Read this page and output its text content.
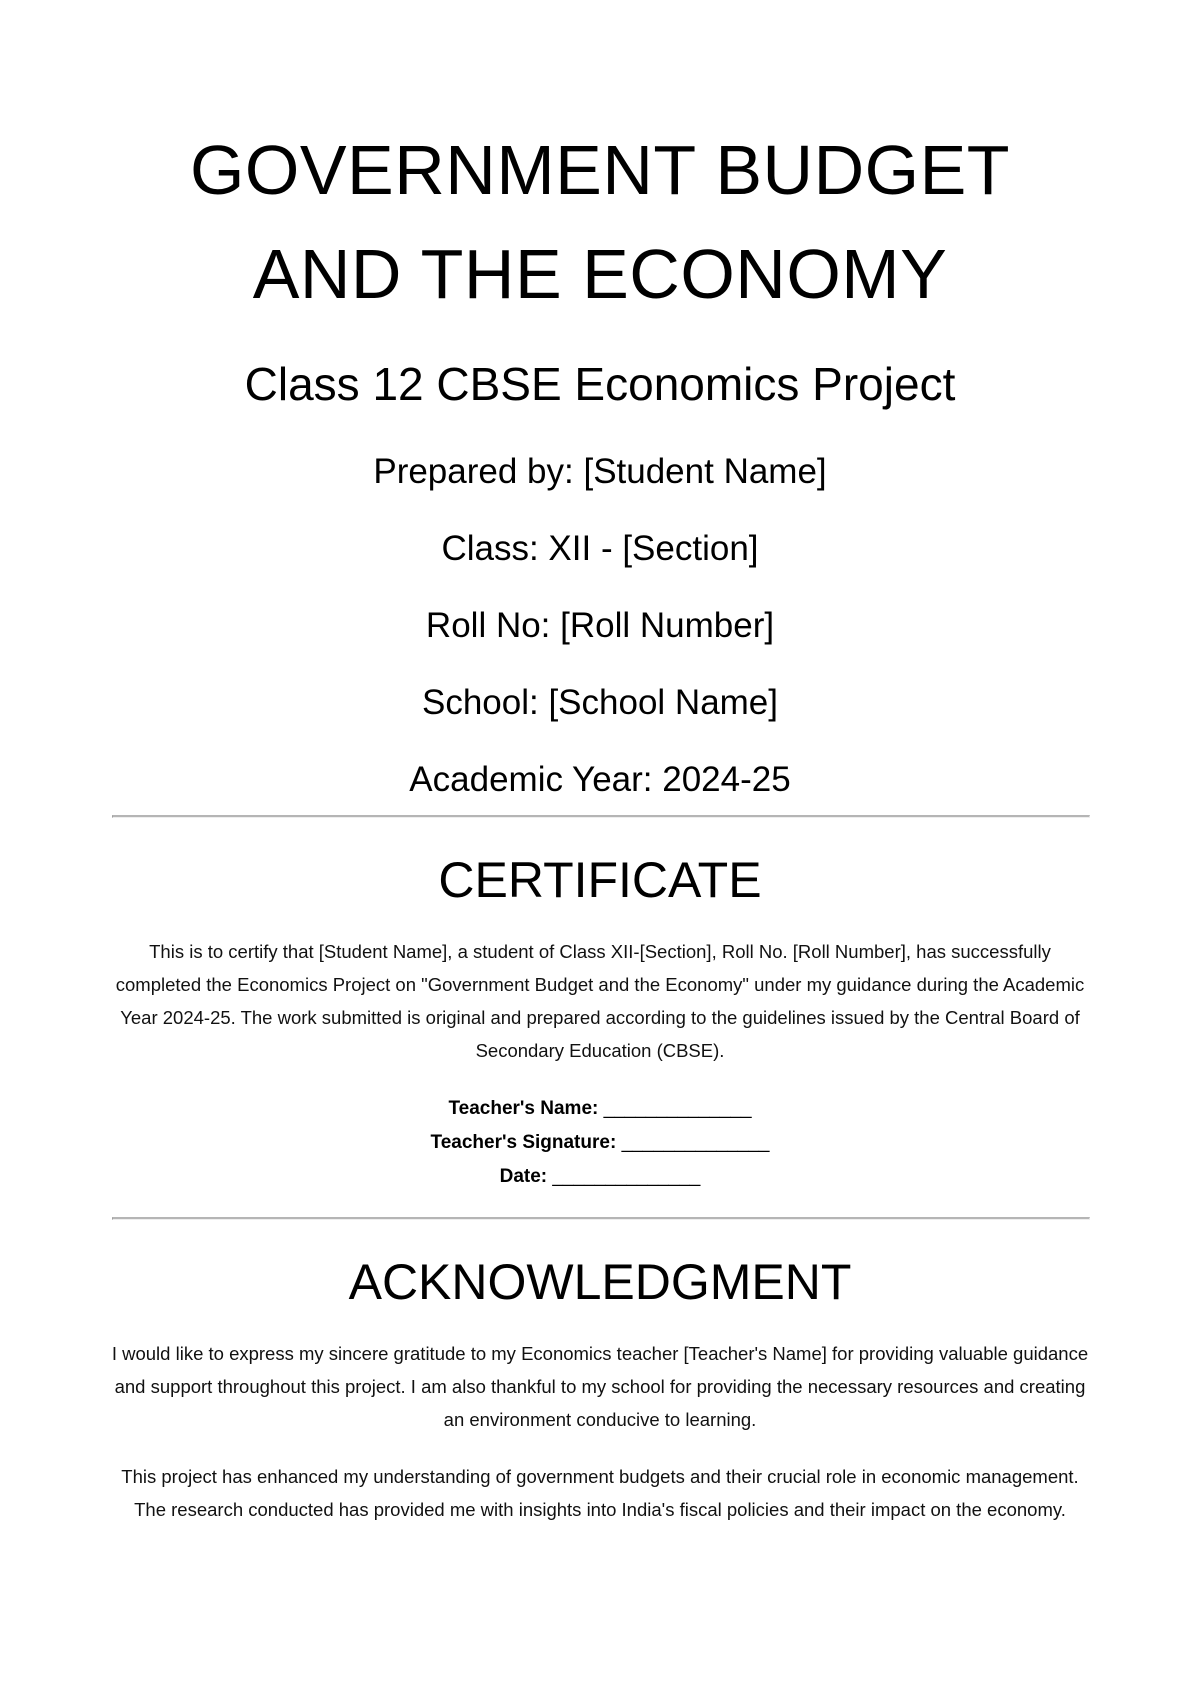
GOVERNMENT BUDGET
AND THE ECONOMY
Class 12 CBSE Economics Project

Prepared by: [Student Name]

Class: XII - [Section]

Roll No: [Roll Number]

School: [School Name]

Academic Year: 2024-25

CERTIFICATE

This is to certify that [Student Name], a student of Class XII-[Section], Roll No. [Roll Number], has successfully completed the Economics Project on "Government Budget and the Economy" under my guidance during the Academic Year 2024-25. The work submitted is original and prepared according to the guidelines issued by the Central Board of Secondary Education (CBSE).

Teacher's Name: ______________

Teacher's Signature: ______________

Date: ______________

ACKNOWLEDGMENT

I would like to express my sincere gratitude to my Economics teacher [Teacher's Name] for providing valuable guidance and support throughout this project. I am also thankful to my school for providing the necessary resources and creating an environment conducive to learning.

This project has enhanced my understanding of government budgets and their crucial role in economic management. The research conducted has provided me with insights into India's fiscal policies and their impact on the economy.
